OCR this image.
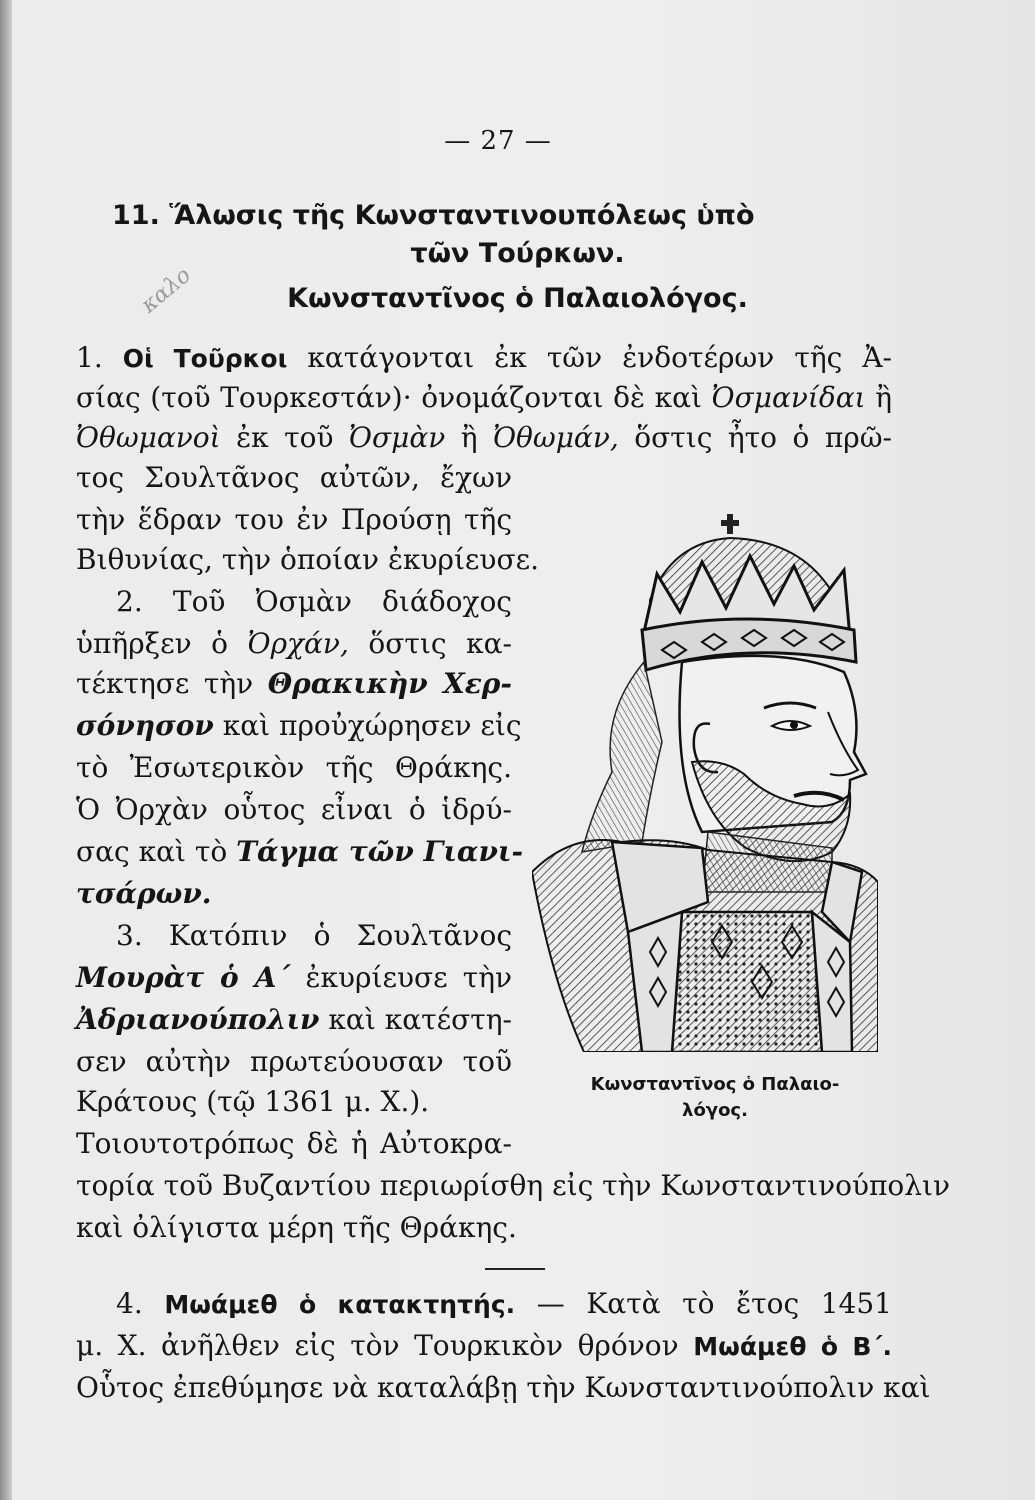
— 27 —
11. Ἅλωσις τῆς Κωνσταντινουπόλεως ὑπὸ
τῶν Τούρκων.
Κωνσταντῖνος ὁ Παλαιολόγος.
καλο
1. Οἱ Τοῦρκοι κατάγονται ἐκ τῶν ἐνδοτέρων τῆς Ἀ-
σίας (τοῦ Τουρκεστάν)· ὀνομάζονται δὲ καὶ Ὀσμανίδαι ἢ
Ὀθωμανοὶ ἐκ τοῦ Ὀσμὰν ἢ Ὀθωμάν, ὅστις ἦτο ὁ πρῶ-
τος Σουλτᾶνος αὐτῶν, ἔχων
τὴν ἕδραν του ἐν Προύσῃ τῆς
Βιθυνίας, τὴν ὁποίαν ἐκυρίευσε.
2. Τοῦ Ὀσμὰν διάδοχος
ὑπῆρξεν ὁ Ὀρχάν, ὅστις κα-
τέκτησε τὴν Θρακικὴν Χερ-
σόνησον καὶ προὐχώρησεν εἰς
τὸ Ἐσωτερικὸν τῆς Θράκης.
Ὁ Ὀρχὰν οὗτος εἶναι ὁ ἱδρύ-
σας καὶ τὸ Τάγμα τῶν Γιανι-
τσάρων.
3. Κατόπιν ὁ Σουλτᾶνος
Μουρὰτ ὁ Α΄ ἐκυρίευσε τὴν
Ἀδριανούπολιν καὶ κατέστη-
σεν αὐτὴν πρωτεύουσαν τοῦ
Κράτους (τῷ 1361 μ. Χ.).
Τοιουτοτρόπως δὲ ἡ Αὐτοκρα-
τορία τοῦ Βυζαντίου περιωρίσθη εἰς τὴν Κωνσταντινούπολιν
καὶ ὀλίγιστα μέρη τῆς Θράκης.
4. Μωάμεθ ὁ κατακτητής. — Κατὰ τὸ ἔτος 1451
μ. Χ. ἀνῆλθεν εἰς τὸν Τουρκικὸν θρόνον Μωάμεθ ὁ Β΄.
Οὗτος ἐπεθύμησε νὰ καταλάβῃ τὴν Κωνσταντινούπολιν καὶ
Κωνσταντῖνος ὁ Παλαιο-
λόγος.
